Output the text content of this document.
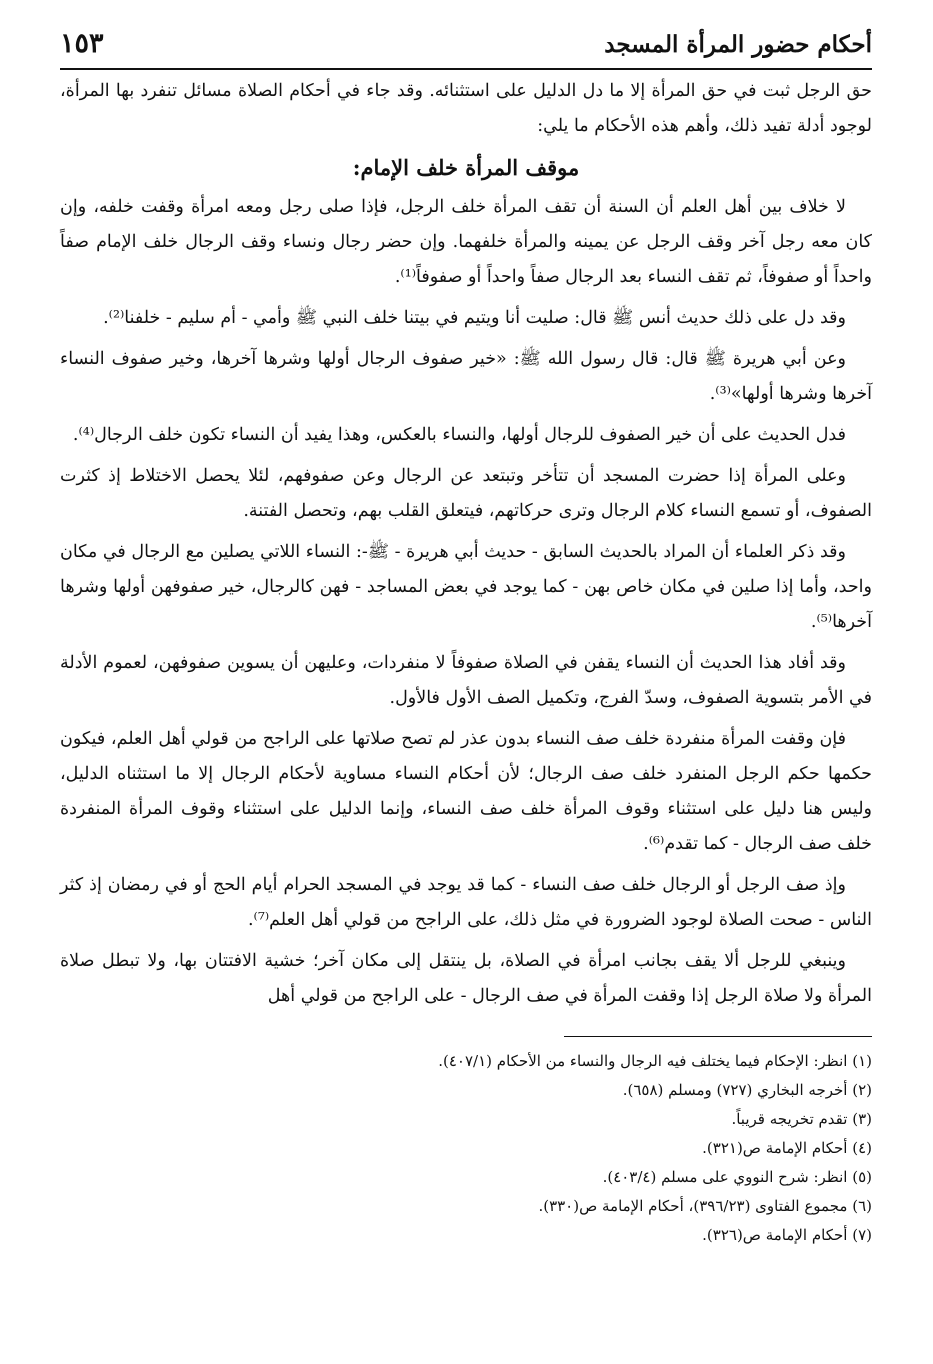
أحكام حضور المرأة المسجد
١٥٣

حق الرجل ثبت في حق المرأة إلا ما دل الدليل على استثنائه. وقد جاء في أحكام الصلاة مسائل تنفرد بها المرأة، لوجود أدلة تفيد ذلك، وأهم هذه الأحكام ما يلي:

موقف المرأة خلف الإمام:

لا خلاف بين أهل العلم أن السنة أن تقف المرأة خلف الرجل، فإذا صلى رجل ومعه امرأة وقفت خلفه، وإن كان معه رجل آخر وقف الرجل عن يمينه والمرأة خلفهما. وإن حضر رجال ونساء وقف الرجال خلف الإمام صفاً واحداً أو صفوفاً، ثم تقف النساء بعد الرجال صفاً واحداً أو صفوفاً⁽¹⁾.

وقد دل على ذلك حديث أنس ﷺ قال: صليت أنا ويتيم في بيتنا خلف النبي ﷺ وأمي - أم سليم - خلفنا⁽²⁾.

وعن أبي هريرة ﷺ قال: قال رسول الله ﷺ: «خير صفوف الرجال أولها وشرها آخرها، وخير صفوف النساء آخرها وشرها أولها»⁽³⁾.

فدل الحديث على أن خير الصفوف للرجال أولها، والنساء بالعكس، وهذا يفيد أن النساء تكون خلف الرجال⁽⁴⁾.

وعلى المرأة إذا حضرت المسجد أن تتأخر وتبتعد عن الرجال وعن صفوفهم، لئلا يحصل الاختلاط إذ كثرت الصفوف، أو تسمع النساء كلام الرجال وترى حركاتهم، فيتعلق القلب بهم، وتحصل الفتنة.

وقد ذكر العلماء أن المراد بالحديث السابق - حديث أبي هريرة - ﷺ-: النساء اللاتي يصلين مع الرجال في مكان واحد، وأما إذا صلين في مكان خاص بهن - كما يوجد في بعض المساجد - فهن كالرجال، خير صفوفهن أولها وشرها آخرها⁽⁵⁾.

وقد أفاد هذا الحديث أن النساء يقفن في الصلاة صفوفاً لا منفردات، وعليهن أن يسوين صفوفهن، لعموم الأدلة في الأمر بتسوية الصفوف، وسدّ الفرج، وتكميل الصف الأول فالأول.

فإن وقفت المرأة منفردة خلف صف النساء بدون عذر لم تصح صلاتها على الراجح من قولي أهل العلم، فيكون حكمها حكم الرجل المنفرد خلف صف الرجال؛ لأن أحكام النساء مساوية لأحكام الرجال إلا ما استثناه الدليل، وليس هنا دليل على استثناء وقوف المرأة خلف صف النساء، وإنما الدليل على استثناء وقوف المرأة المنفردة خلف صف الرجال - كما تقدم⁽⁶⁾.

وإذ صف الرجل أو الرجال خلف صف النساء - كما قد يوجد في المسجد الحرام أيام الحج أو في رمضان إذ كثر الناس - صحت الصلاة لوجود الضرورة في مثل ذلك، على الراجح من قولي أهل العلم⁽⁷⁾.

وينبغي للرجل ألا يقف بجانب امرأة في الصلاة، بل ينتقل إلى مكان آخر؛ خشية الافتتان بها، ولا تبطل صلاة المرأة ولا صلاة الرجل إذا وقفت المرأة في صف الرجال - على الراجح من قولي أهل

(١) انظر: الإحكام فيما يختلف فيه الرجال والنساء من الأحكام (٤٠٧/١).

(٢) أخرجه البخاري (٧٢٧) ومسلم (٦٥٨).

(٣) تقدم تخريجه قريباً.

(٤) أحكام الإمامة ص(٣٢١).

(٥) انظر: شرح النووي على مسلم (٤٠٣/٤).

(٦) مجموع الفتاوى (٣٩٦/٢٣)، أحكام الإمامة ص(٣٣٠).

(٧) أحكام الإمامة ص(٣٢٦).
